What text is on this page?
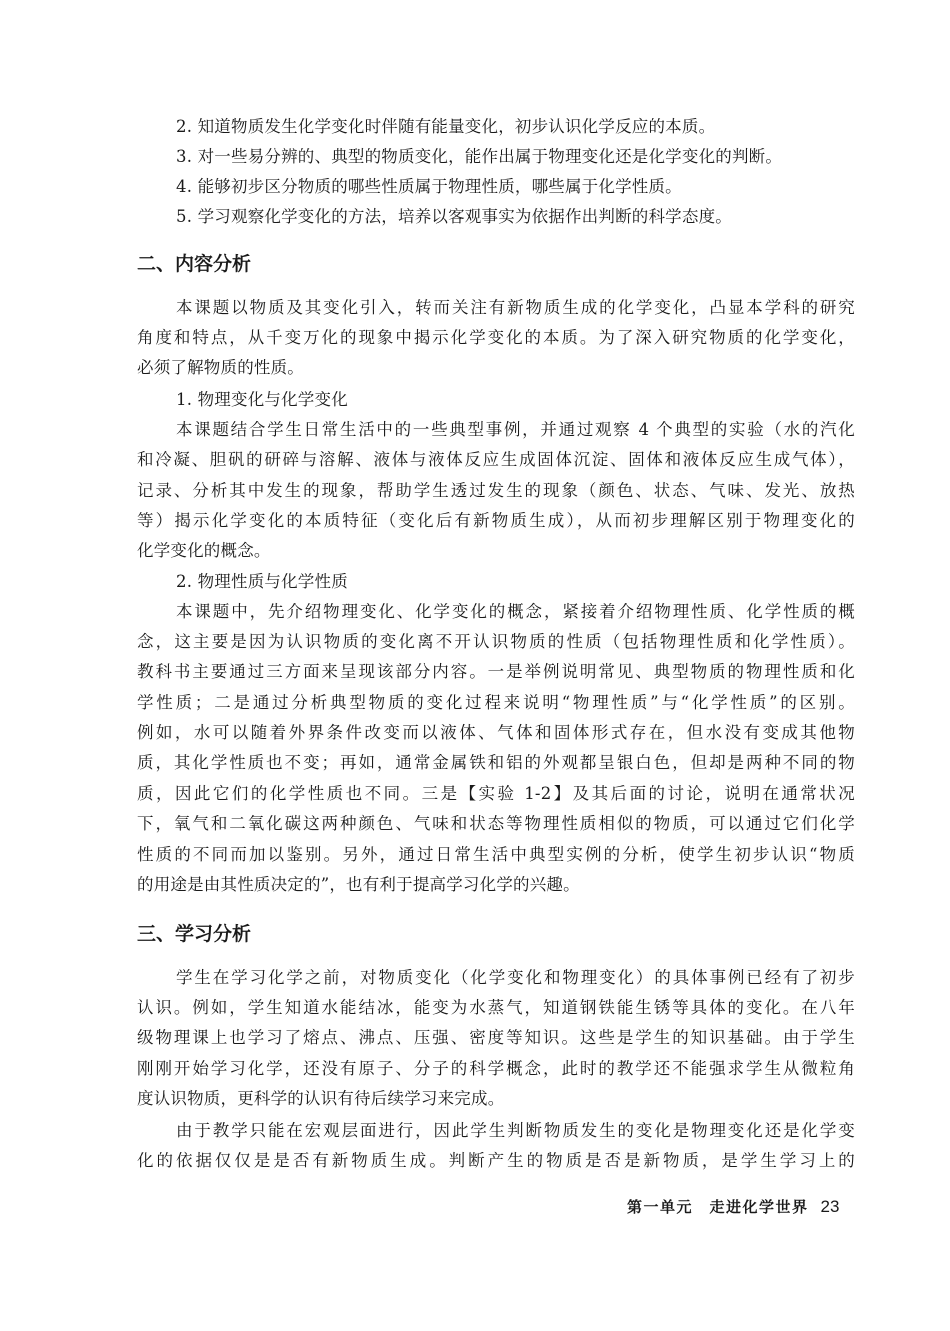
2. 知道物质发生化学变化时伴随有能量变化，初步认识化学反应的本质。
3. 对一些易分辨的、典型的物质变化，能作出属于物理变化还是化学变化的判断。
4. 能够初步区分物质的哪些性质属于物理性质，哪些属于化学性质。
5. 学习观察化学变化的方法，培养以客观事实为依据作出判断的科学态度。
二、内容分析
本课题以物质及其变化引入，转而关注有新物质生成的化学变化，凸显本学科的研究
角度和特点，从千变万化的现象中揭示化学变化的本质。为了深入研究物质的化学变化，
必须了解物质的性质。
1. 物理变化与化学变化
本课题结合学生日常生活中的一些典型事例，并通过观察 4 个典型的实验（水的汽化
和冷凝、胆矾的研碎与溶解、液体与液体反应生成固体沉淀、固体和液体反应生成气体），
记录、分析其中发生的现象，帮助学生透过发生的现象（颜色、状态、气味、发光、放热
等）揭示化学变化的本质特征（变化后有新物质生成），从而初步理解区别于物理变化的
化学变化的概念。
2. 物理性质与化学性质
本课题中，先介绍物理变化、化学变化的概念，紧接着介绍物理性质、化学性质的概
念，这主要是因为认识物质的变化离不开认识物质的性质（包括物理性质和化学性质）。
教科书主要通过三方面来呈现该部分内容。一是举例说明常见、典型物质的物理性质和化
学性质；二是通过分析典型物质的变化过程来说明“物理性质”与“化学性质”的区别。
例如，水可以随着外界条件改变而以液体、气体和固体形式存在，但水没有变成其他物
质，其化学性质也不变；再如，通常金属铁和铝的外观都呈银白色，但却是两种不同的物
质，因此它们的化学性质也不同。三是【实验 1-2】及其后面的讨论，说明在通常状况
下，氧气和二氧化碳这两种颜色、气味和状态等物理性质相似的物质，可以通过它们化学
性质的不同而加以鉴别。另外，通过日常生活中典型实例的分析，使学生初步认识“物质
的用途是由其性质决定的”，也有利于提高学习化学的兴趣。
三、学习分析
学生在学习化学之前，对物质变化（化学变化和物理变化）的具体事例已经有了初步
认识。例如，学生知道水能结冰，能变为水蒸气，知道钢铁能生锈等具体的变化。在八年
级物理课上也学习了熔点、沸点、压强、密度等知识。这些是学生的知识基础。由于学生
刚刚开始学习化学，还没有原子、分子的科学概念，此时的教学还不能强求学生从微粒角
度认识物质，更科学的认识有待后续学习来完成。
由于教学只能在宏观层面进行，因此学生判断物质发生的变化是物理变化还是化学变
化的依据仅仅是是否有新物质生成。判断产生的物质是否是新物质，是学生学习上的
第一单元　走进化学世界 23
